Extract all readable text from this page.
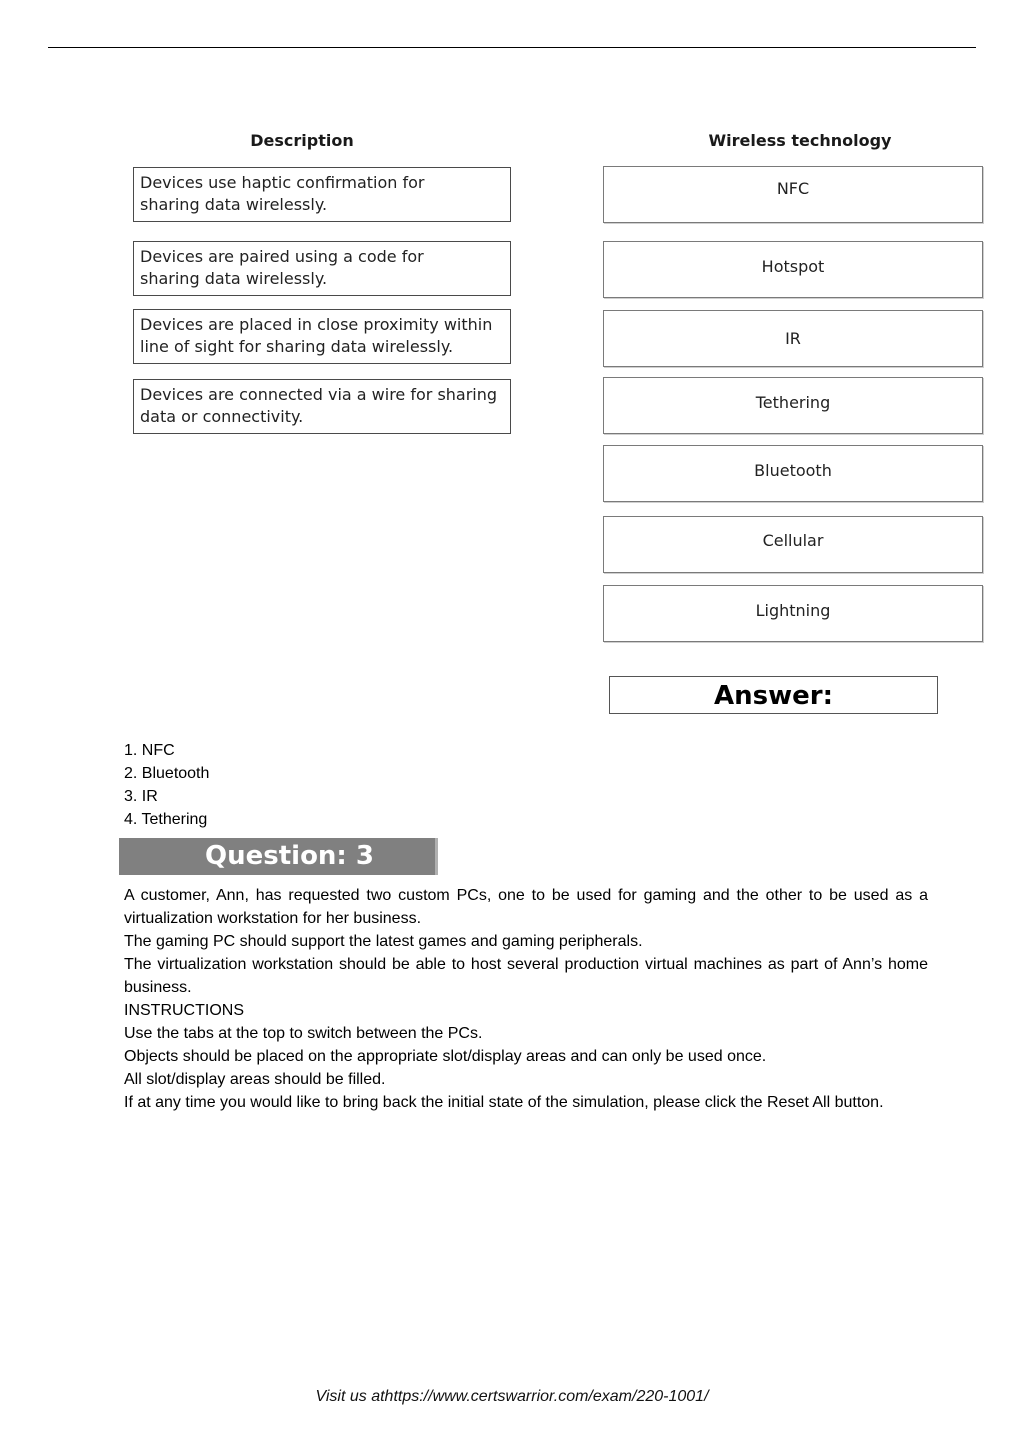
Description	Wireless technology
Devices use haptic confirmation for
sharing data wirelessly.
Devices are paired using a code for
sharing data wirelessly.
Devices are placed in close proximity within
line of sight for sharing data wirelessly.
Devices are connected via a wire for sharing
data or connectivity.
NFC
Hotspot
IR
Tethering
Bluetooth
Cellular
Lightning
Answer:
1. NFC
2. Bluetooth
3. IR
4. Tethering
Question: 3

A customer, Ann, has requested two custom PCs, one to be used for gaming and the other to be used as a virtualization workstation for her business.

The gaming PC should support the latest games and gaming peripherals.

The virtualization workstation should be able to host several production virtual machines as part of Ann’s home business.

INSTRUCTIONS

Use the tabs at the top to switch between the PCs.

Objects should be placed on the appropriate slot/display areas and can only be used once.

All slot/display areas should be filled.

If at any time you would like to bring back the initial state of the simulation, please click the Reset All button.

Visit us athttps://www.certswarrior.com/exam/220-1001/
